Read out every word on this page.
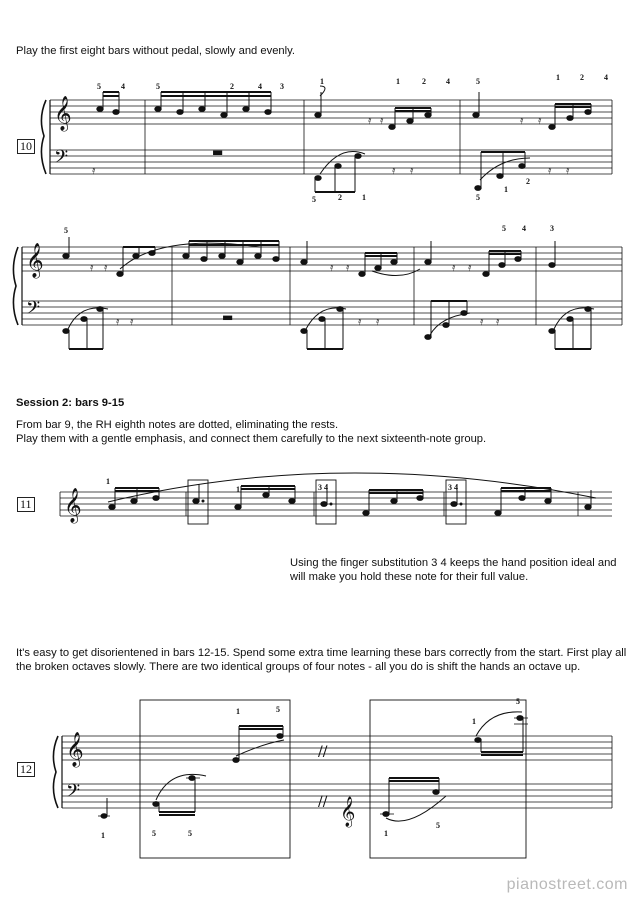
Play the first eight bars without pedal, slowly and evenly.
Session 2: bars 9-15
From bar 9, the RH eighth notes are dotted, eliminating the rests.
Play them with a gentle emphasis, and connect them carefully to the next sixteenth-note group.
Using the finger substitution 3 4 keeps the hand position ideal and
will make you hold these note for their full value.
It's easy to get disorientened in bars 12-15. Spend some extra time learning these bars correctly from the start. First play all
the broken octaves slowly. There are two identical groups of four notes - all you do is shift the hands an octave up.
10
11
12
𝄞
𝄢	▬
𝄿
𝄿 𝄿
𝄿 𝄿
𝄿 𝄿
𝄿 𝄿
5	4	5	2	4 3
1	1	2	4	5	1	2	4
5	2	1	5
1
2
𝄞
𝄢	▬
𝄿 𝄿
𝄿 𝄿
𝄿 𝄿
𝄿 𝄿
𝄿 𝄿
𝄿 𝄿
5	5 4	3
𝄞
1
1	3 4	3 4
𝄞
𝄢
//
// 𝄞
1	5
1	5	5
1
5
1
5
pianostreet.com
